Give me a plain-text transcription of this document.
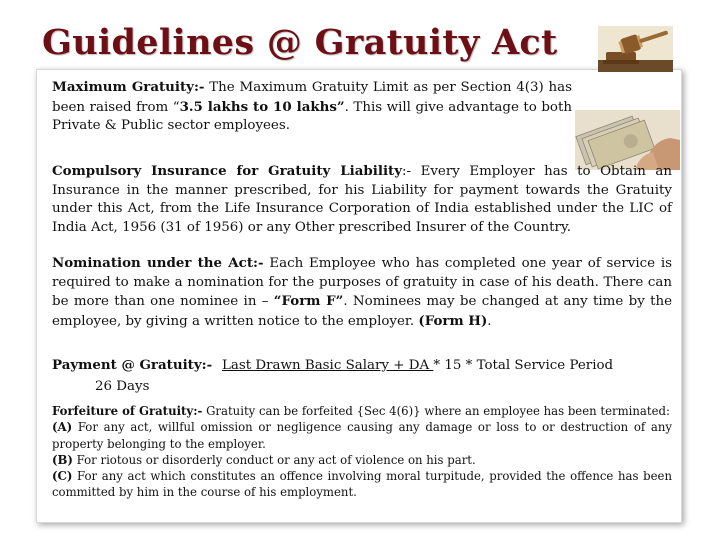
Guidelines @ Gratuity Act

Maximum Gratuity:- The Maximum Gratuity Limit as per Section 4(3) has been raised from “3.5 lakhs to 10 lakhs”. This will give advantage to both Private & Public sector employees.

Compulsory Insurance for Gratuity Liability:- Every Employer has to Obtain an Insurance in the manner prescribed, for his Liability for payment towards the Gratuity under this Act, from the Life Insurance Corporation of India established under the LIC of India Act, 1956 (31 of 1956) or any Other prescribed Insurer of the Country.

Nomination under the Act:- Each Employee who has completed one year of service is required to make a nomination for the purposes of gratuity in case of his death. There can be more than one nominee in – “Form F”. Nominees may be changed at any time by the employee, by giving a written notice to the employer. (Form H).

Payment @ Gratuity:- Last Drawn Basic Salary + DA * 15 * Total Service Period
26 Days
Forfeiture of Gratuity:- Gratuity can be forfeited {Sec 4(6)} where an employee has been terminated:
(A) For any act, willful omission or negligence causing any damage or loss to or destruction of any property belonging to the employer.
(B) For riotous or disorderly conduct or any act of violence on his part.
(C) For any act which constitutes an offence involving moral turpitude, provided the offence has been committed by him in the course of his employment.
